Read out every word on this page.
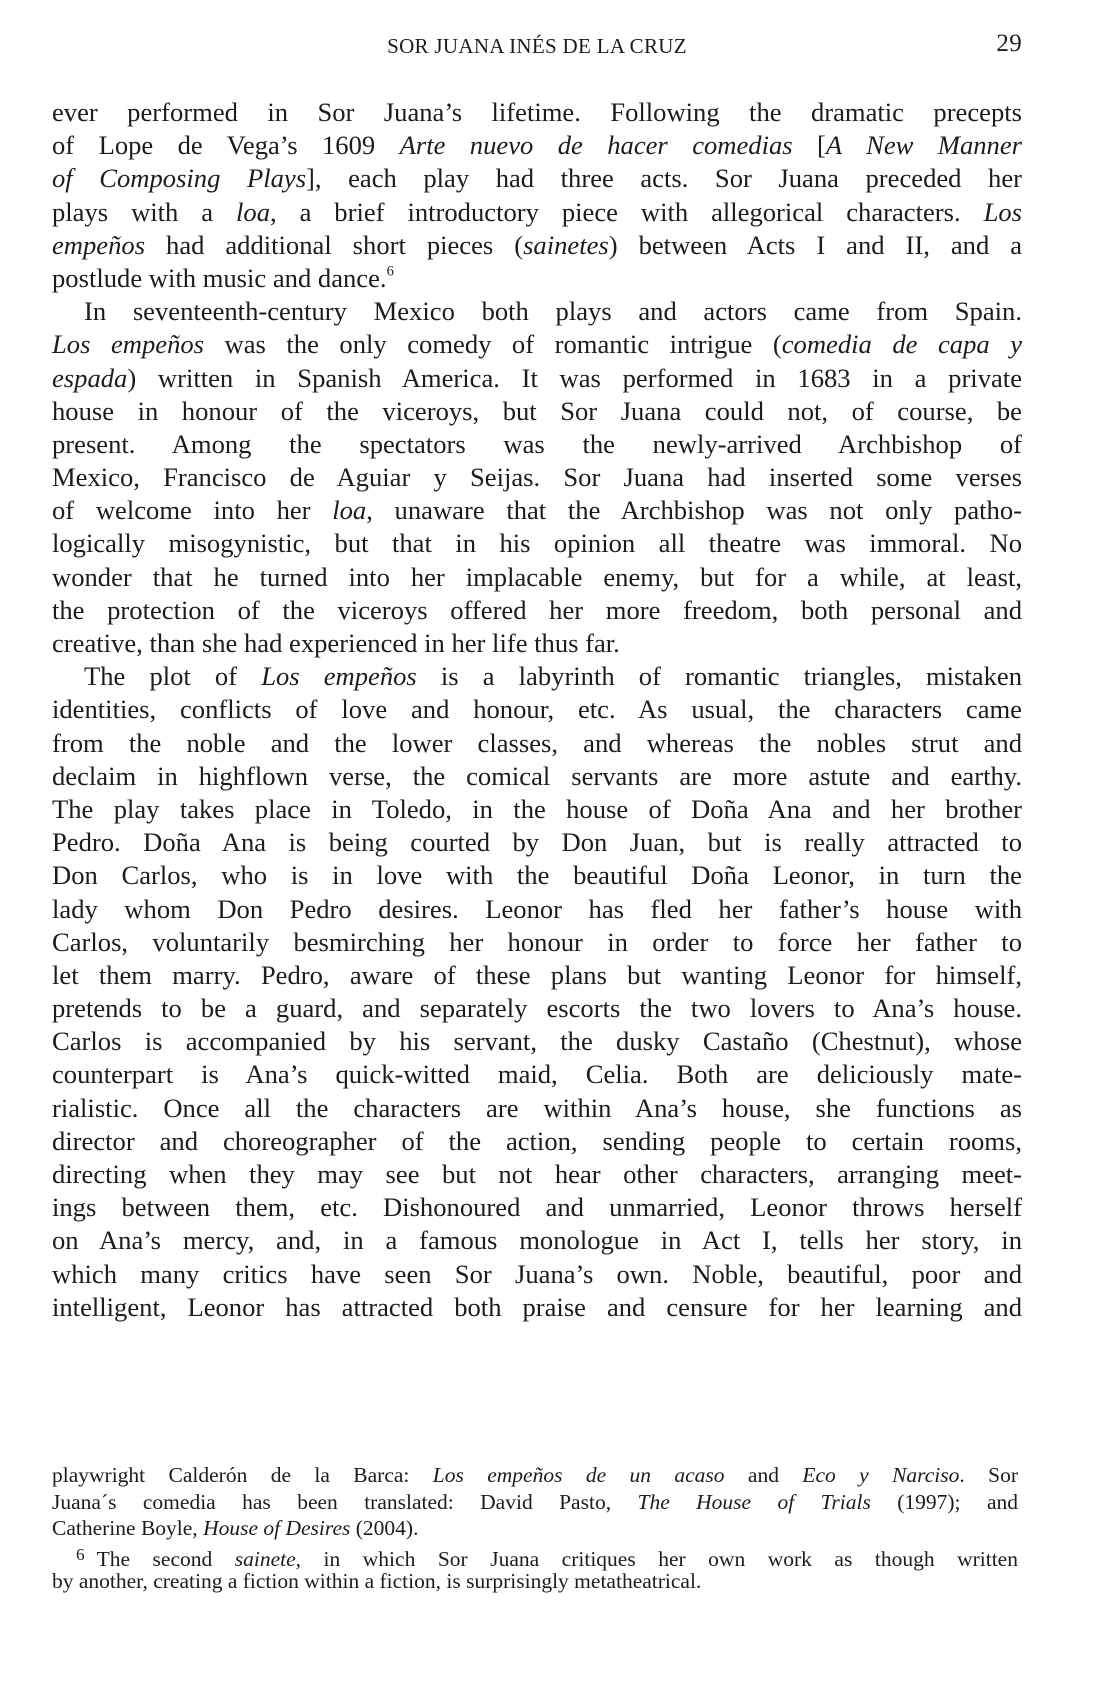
SOR JUANA INÉS DE LA CRUZ	29
ever performed in Sor Juana’s lifetime. Following the dramatic precepts
of Lope de Vega’s 1609 Arte nuevo de hacer comedias [A New Manner
of Composing Plays], each play had three acts. Sor Juana preceded her
plays with a loa, a brief introductory piece with allegorical characters. Los
empeños had additional short pieces (sainetes) between Acts I and II, and a
postlude with music and dance.$^6$
In seventeenth-century Mexico both plays and actors came from Spain.
Los empeños was the only comedy of romantic intrigue (comedia de capa y
espada) written in Spanish America. It was performed in 1683 in a private
house in honour of the viceroys, but Sor Juana could not, of course, be
present. Among the spectators was the newly-arrived Archbishop of
Mexico, Francisco de Aguiar y Seijas. Sor Juana had inserted some verses
of welcome into her loa, unaware that the Archbishop was not only patho-
logically misogynistic, but that in his opinion all theatre was immoral. No
wonder that he turned into her implacable enemy, but for a while, at least,
the protection of the viceroys offered her more freedom, both personal and
creative, than she had experienced in her life thus far.
The plot of Los empeños is a labyrinth of romantic triangles, mistaken
identities, conflicts of love and honour, etc. As usual, the characters came
from the noble and the lower classes, and whereas the nobles strut and
declaim in highflown verse, the comical servants are more astute and earthy.
The play takes place in Toledo, in the house of Doña Ana and her brother
Pedro. Doña Ana is being courted by Don Juan, but is really attracted to
Don Carlos, who is in love with the beautiful Doña Leonor, in turn the
lady whom Don Pedro desires. Leonor has fled her father’s house with
Carlos, voluntarily besmirching her honour in order to force her father to
let them marry. Pedro, aware of these plans but wanting Leonor for himself,
pretends to be a guard, and separately escorts the two lovers to Ana’s house.
Carlos is accompanied by his servant, the dusky Castaño (Chestnut), whose
counterpart is Ana’s quick-witted maid, Celia. Both are deliciously mate-
rialistic. Once all the characters are within Ana’s house, she functions as
director and choreographer of the action, sending people to certain rooms,
directing when they may see but not hear other characters, arranging meet-
ings between them, etc. Dishonoured and unmarried, Leonor throws herself
on Ana’s mercy, and, in a famous monologue in Act I, tells her story, in
which many critics have seen Sor Juana’s own. Noble, beautiful, poor and
intelligent, Leonor has attracted both praise and censure for her learning and
playwright Calderón de la Barca: Los empeños de un acaso and Eco y Narciso. Sor
Juana´s comedia has been translated: David Pasto, The House of Trials (1997); and
Catherine Boyle, House of Desires (2004).
$^6$ The second sainete, in which Sor Juana critiques her own work as though written
by another, creating a fiction within a fiction, is surprisingly metatheatrical.
